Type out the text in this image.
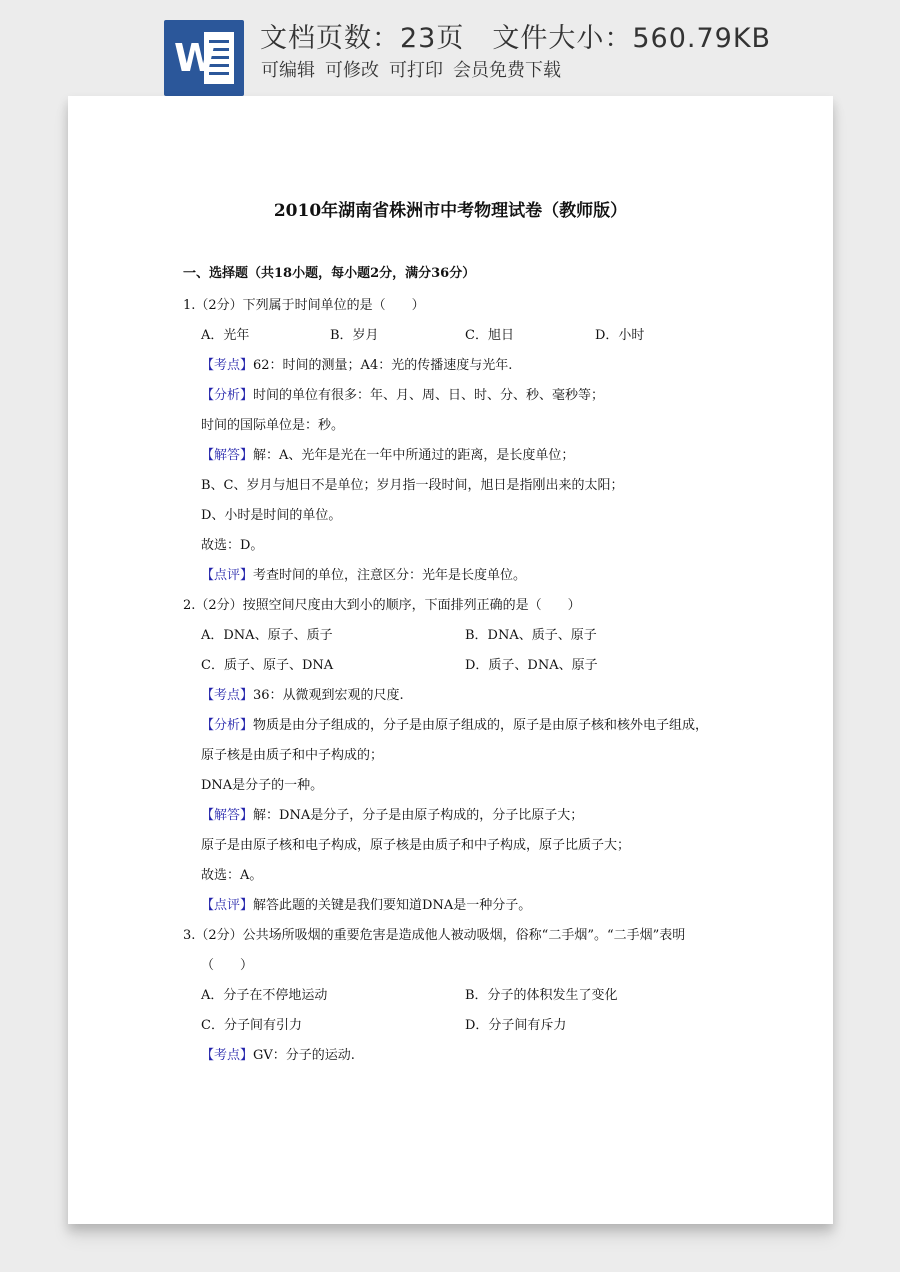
W 文档页数：23页 文件大小：560.79KB
可编辑 可修改 可打印 会员免费下载
2010年湖南省株洲市中考物理试卷（教师版）
一、选择题（共18小题，每小题2分，满分36分）
1.（2分）下列属于时间单位的是（　　）
A．光年	B．岁月	C．旭日	D．小时
【考点】62：时间的测量；A4：光的传播速度与光年.
【分析】时间的单位有很多：年、月、周、日、时、分、秒、毫秒等；
时间的国际单位是：秒。
【解答】解：A、光年是光在一年中所通过的距离，是长度单位；
B、C、岁月与旭日不是单位；岁月指一段时间，旭日是指刚出来的太阳；
D、小时是时间的单位。
故选：D。
【点评】考查时间的单位，注意区分：光年是长度单位。
2.（2分）按照空间尺度由大到小的顺序，下面排列正确的是（　　）
A．DNA、原子、质子	B．DNA、质子、原子
C．质子、原子、DNA	D．质子、DNA、原子
【考点】36：从微观到宏观的尺度.
【分析】物质是由分子组成的，分子是由原子组成的，原子是由原子核和核外电子组成，
原子核是由质子和中子构成的；
DNA是分子的一种。
【解答】解：DNA是分子，分子是由原子构成的，分子比原子大；
原子是由原子核和电子构成，原子核是由质子和中子构成，原子比质子大；
故选：A。
【点评】解答此题的关键是我们要知道DNA是一种分子。
3.（2分）公共场所吸烟的重要危害是造成他人被动吸烟，俗称“二手烟”。“二手烟”表明
（　　）
A．分子在不停地运动	B．分子的体积发生了变化
C．分子间有引力	D．分子间有斥力
【考点】GV：分子的运动.
